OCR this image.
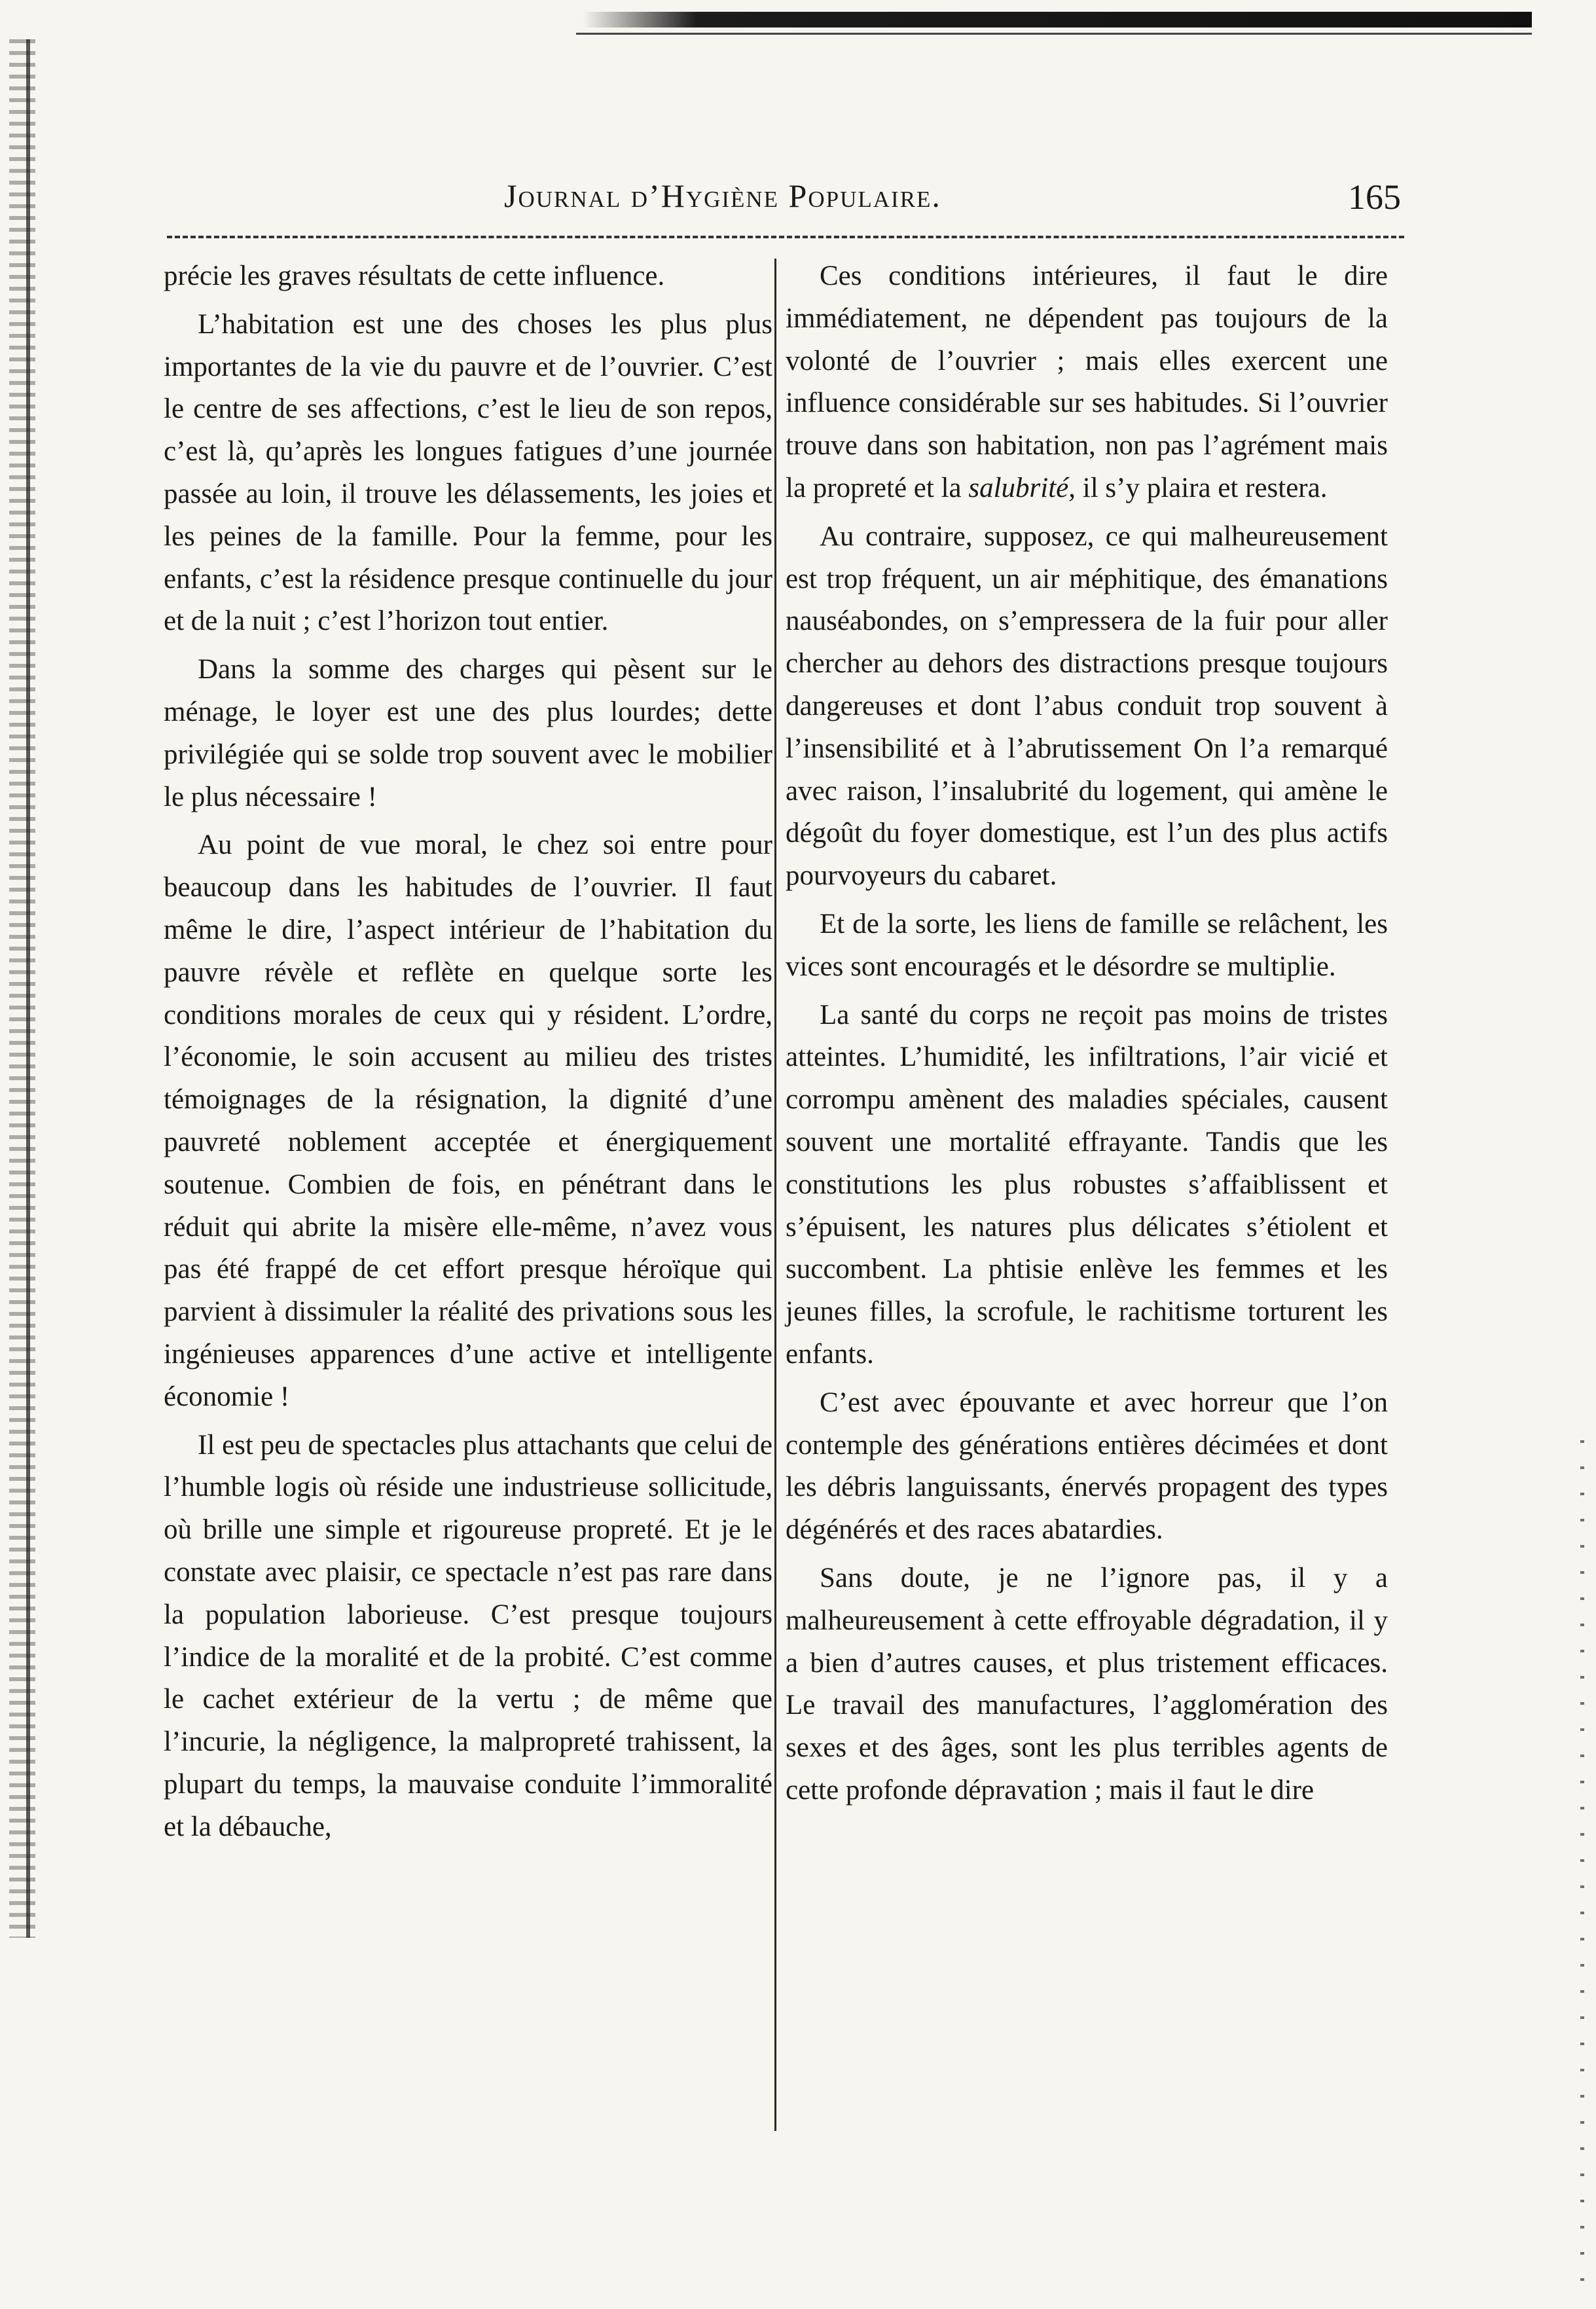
Journal d’Hygiène Populaire.	165

précie les graves résultats de cette influence.

L’habitation est une des choses les plus plus importantes de la vie du pauvre et de l’ouvrier. C’est le centre de ses affections, c’est le lieu de son repos, c’est là, qu’après les longues fatigues d’une journée passée au loin, il trouve les délassements, les joies et les peines de la famille. Pour la femme, pour les enfants, c’est la résidence presque continuelle du jour et de la nuit ; c’est l’horizon tout entier.

Dans la somme des charges qui pèsent sur le ménage, le loyer est une des plus lourdes; dette privilégiée qui se solde trop souvent avec le mobilier le plus nécessaire !

Au point de vue moral, le chez soi entre pour beaucoup dans les habitudes de l’ouvrier. Il faut même le dire, l’aspect intérieur de l’habitation du pauvre révèle et reflète en quelque sorte les conditions morales de ceux qui y résident. L’ordre, l’économie, le soin accusent au milieu des tristes témoignages de la résignation, la dignité d’une pauvreté noblement acceptée et énergiquement soutenue. Combien de fois, en pénétrant dans le réduit qui abrite la misère elle-même, n’avez vous pas été frappé de cet effort presque héroïque qui parvient à dissimuler la réalité des privations sous les ingénieuses apparences d’une active et intelligente économie !

Il est peu de spectacles plus attachants que celui de l’humble logis où réside une industrieuse sollicitude, où brille une simple et rigoureuse propreté. Et je le constate avec plaisir, ce spectacle n’est pas rare dans la population laborieuse. C’est presque toujours l’indice de la moralité et de la probité. C’est comme le cachet extérieur de la vertu ; de même que l’incurie, la négligence, la malpropreté trahissent, la plupart du temps, la mauvaise conduite l’immoralité et la débauche,

Ces conditions intérieures, il faut le dire immédiatement, ne dépendent pas toujours de la volonté de l’ouvrier ; mais elles exercent une influence considérable sur ses habitudes. Si l’ouvrier trouve dans son habitation, non pas l’agrément mais la propreté et la salubrité, il s’y plaira et restera.

Au contraire, supposez, ce qui malheureusement est trop fréquent, un air méphitique, des émanations nauséabondes, on s’empressera de la fuir pour aller chercher au dehors des distractions presque toujours dangereuses et dont l’abus conduit trop souvent à l’insensibilité et à l’abrutissement On l’a remarqué avec raison, l’insalubrité du logement, qui amène le dégoût du foyer domestique, est l’un des plus actifs pourvoyeurs du cabaret.

Et de la sorte, les liens de famille se relâchent, les vices sont encouragés et le désordre se multiplie.

La santé du corps ne reçoit pas moins de tristes atteintes. L’humidité, les infiltrations, l’air vicié et corrompu amènent des maladies spéciales, causent souvent une mortalité effrayante. Tandis que les constitutions les plus robustes s’affaiblissent et s’épuisent, les natures plus délicates s’étiolent et succombent. La phtisie enlève les femmes et les jeunes filles, la scrofule, le rachitisme torturent les enfants.

C’est avec épouvante et avec horreur que l’on contemple des générations entières décimées et dont les débris languissants, énervés propagent des types dégénérés et des races abatardies.

Sans doute, je ne l’ignore pas, il y a malheureusement à cette effroyable dégradation, il y a bien d’autres causes, et plus tristement efficaces. Le travail des manufactures, l’agglomération des sexes et des âges, sont les plus terribles agents de cette profonde dépravation ; mais il faut le dire
